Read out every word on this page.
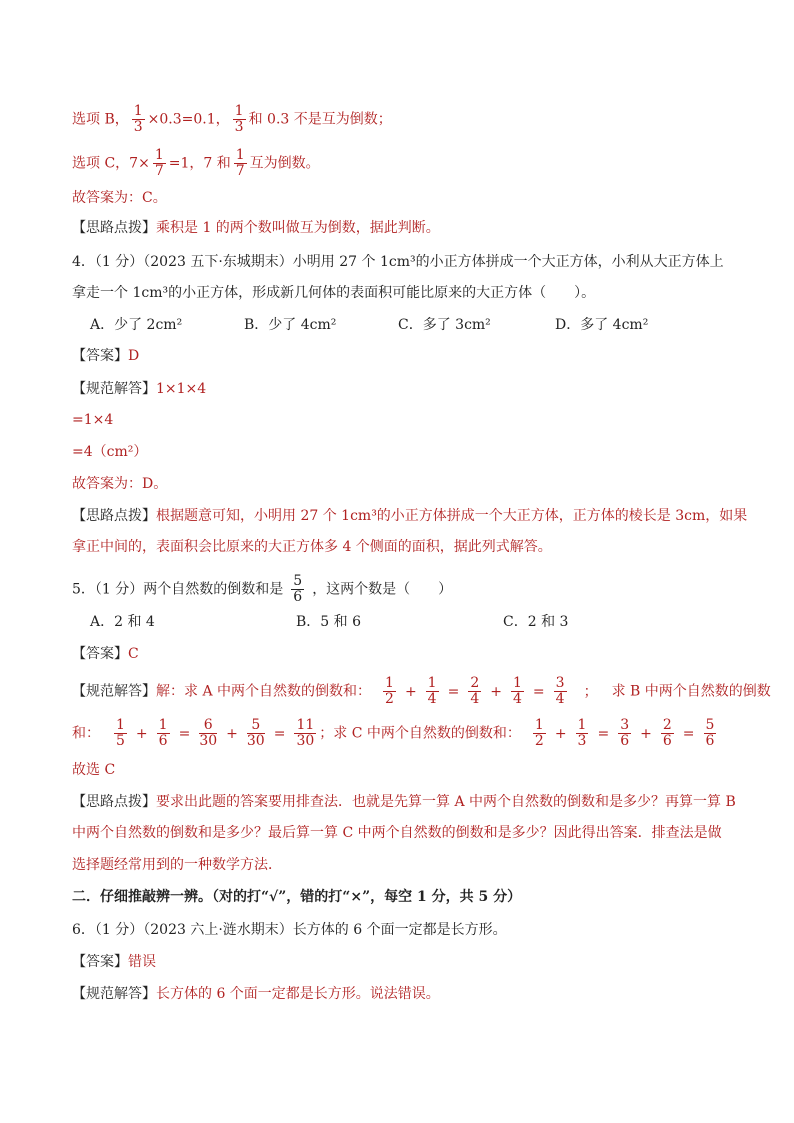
选项 B， $\frac{1}{3} \times 0.3=0.1$， $\frac{1}{3}$ 和 0.3 不是互为倒数；
选项 C，$7\times \frac{1}{7} =1$，7 和 $\frac{1}{7}$ 互为倒数。
故答案为：C。
【思路点拨】乘积是 1 的两个数叫做互为倒数，据此判断。
4．（1 分）（2023 五下·东城期末）小明用 27 个 1cm³的小正方体拼成一个大正方体，小利从大正方体上
拿走一个 1cm³的小正方体，形成新几何体的表面积可能比原来的大正方体（　　）。
A．少了 2cm²	B．少了 4cm²	C．多了 3cm²	D．多了 4cm²
【答案】D
【规范解答】1×1×4
=1×4
=4（cm²）
故答案为：D。
【思路点拨】根据题意可知，小明用 27 个 1cm³的小正方体拼成一个大正方体，正方体的棱长是 3cm，如果
拿正中间的，表面积会比原来的大正方体多 4 个侧面的面积，据此列式解答。
5．（1 分）两个自然数的倒数和是 $\frac{5}{6}$ ，这两个数是（　　）
A．2 和 4	B．5 和 6	C．2 和 3
【答案】C
【规范解答】解：求 A 中两个自然数的倒数和： $\frac{1}{2} + \frac{1}{4} = \frac{2}{4} + \frac{1}{4} = \frac{3}{4}$ ； 求 B 中两个自然数的倒数
和： $\frac{1}{5} + \frac{1}{6} = \frac{6}{30} + \frac{5}{30} = \frac{11}{30}$ ；求 C 中两个自然数的倒数和： $\frac{1}{2} + \frac{1}{3} = \frac{3}{6} + \frac{2}{6} = \frac{5}{6}$
故选 C
【思路点拨】要求出此题的答案要用排查法．也就是先算一算 A 中两个自然数的倒数和是多少？再算一算 B
中两个自然数的倒数和是多少？最后算一算 C 中两个自然数的倒数和是多少？因此得出答案．排查法是做
选择题经常用到的一种数学方法．
二．仔细推敲辨一辨。（对的打“√”，错的打“×”，每空 1 分，共 5 分）
6．（1 分）（2023 六上·涟水期末）长方体的 6 个面一定都是长方形。
【答案】错误
【规范解答】长方体的 6 个面一定都是长方形。说法错误。
